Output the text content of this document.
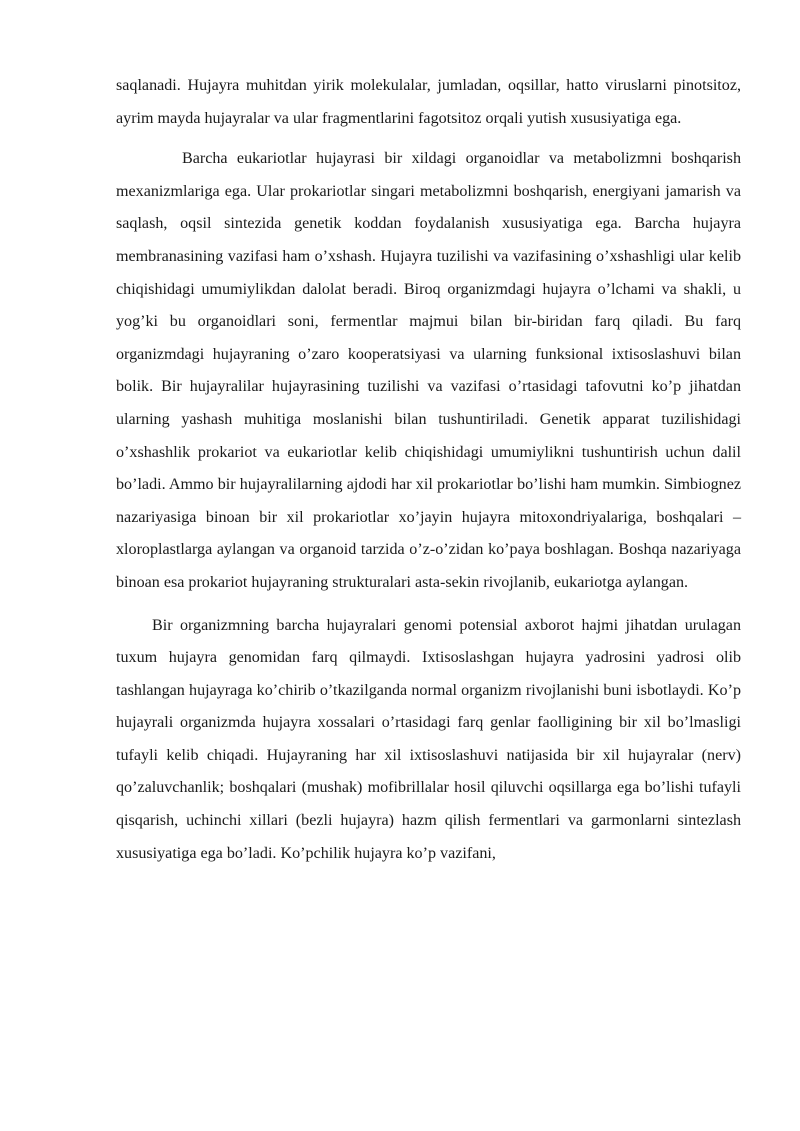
saqlanadi. Hujayra muhitdan yirik molekulalar, jumladan, oqsillar, hatto viruslarni pinotsitoz, ayrim mayda hujayralar va ular fragmentlarini fagotsitoz orqali yutish xususiyatiga ega.

Barcha eukariotlar hujayrasi bir xildagi organoidlar va metabolizmni boshqarish mexanizmlariga ega. Ular prokariotlar singari metabolizmni boshqarish, energiyani jamarish va saqlash, oqsil sintezida genetik koddan foydalanish xususiyatiga ega. Barcha hujayra membranasining vazifasi ham o’xshash. Hujayra tuzilishi va vazifasining o’xshashligi ular kelib chiqishidagi umumiylikdan dalolat beradi. Biroq organizmdagi hujayra o’lchami va shakli, u yog’ki bu organoidlari soni, fermentlar majmui bilan bir-biridan farq qiladi. Bu farq organizmdagi hujayraning o’zaro kooperatsiyasi va ularning funksional ixtisoslashuvi bilan bolik. Bir hujayralilar hujayrasining tuzilishi va vazifasi o’rtasidagi tafovutni ko’p jihatdan ularning yashash muhitiga moslanishi bilan tushuntiriladi. Genetik apparat tuzilishidagi o’xshashlik prokariot va eukariotlar kelib chiqishidagi umumiylikni tushuntirish uchun dalil bo’ladi. Ammo bir hujayralilarning ajdodi har xil prokariotlar bo’lishi ham mumkin. Simbiognez nazariyasiga binoan bir xil prokariotlar xo’jayin hujayra mitoxondriyalariga, boshqalari – xloroplastlarga aylangan va organoid tarzida o’z-o’zidan ko’paya boshlagan. Boshqa nazariyaga binoan esa prokariot hujayraning strukturalari asta-sekin rivojlanib, eukariotga aylangan.

Bir organizmning barcha hujayralari genomi potensial axborot hajmi jihatdan urulagan tuxum hujayra genomidan farq qilmaydi. Ixtisoslashgan hujayra yadrosini yadrosi olib tashlangan hujayraga ko’chirib o’tkazilganda normal organizm rivojlanishi buni isbotlaydi. Ko’p hujayrali organizmda hujayra xossalari o’rtasidagi farq genlar faolligining bir xil bo’lmasligi tufayli kelib chiqadi. Hujayraning har xil ixtisoslashuvi natijasida bir xil hujayralar (nerv) qo’zaluvchanlik; boshqalari (mushak) mofibrillalar hosil qiluvchi oqsillarga ega bo’lishi tufayli qisqarish, uchinchi xillari (bezli hujayra) hazm qilish fermentlari va garmonlarni sintezlash xususiyatiga ega bo’ladi. Ko’pchilik hujayra ko’p vazifani,
